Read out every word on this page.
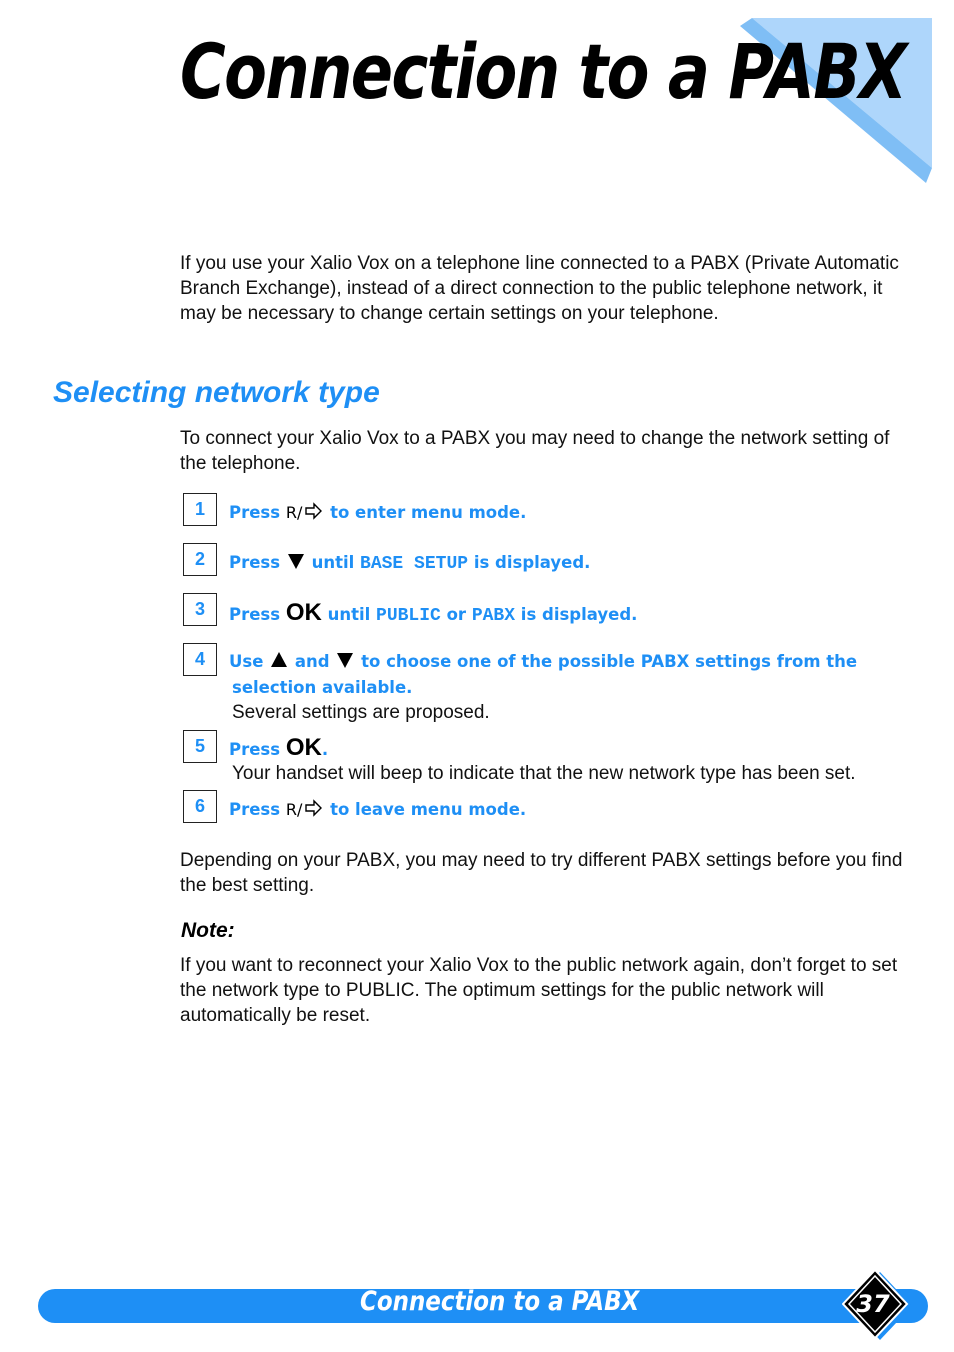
Connection to a PABX

If you use your Xalio Vox on a telephone line connected to a PABX (Private Automatic Branch Exchange), instead of a direct connection to the public telephone network, it may be necessary to change certain settings on your telephone.

Selecting network type

To connect your Xalio Vox to a PABX you may need to change the network setting of the telephone.

1	Press R/ to enter menu mode.

2	Press until BASE SETUP is displayed.

3	Press OK until PUBLIC or PABX is displayed.

4	Use and to choose one of the possible PABX settings from the

selection available.

Several settings are proposed.

5	Press OK.

Your handset will beep to indicate that the new network type has been set.

6	Press R/ to leave menu mode.

Depending on your PABX, you may need to try different PABX settings before you find the best setting.

Note:

If you want to reconnect your Xalio Vox to the public network again, don’t forget to set the network type to PUBLIC. The optimum settings for the public network will automatically be reset.

Connection to a PABX	37
